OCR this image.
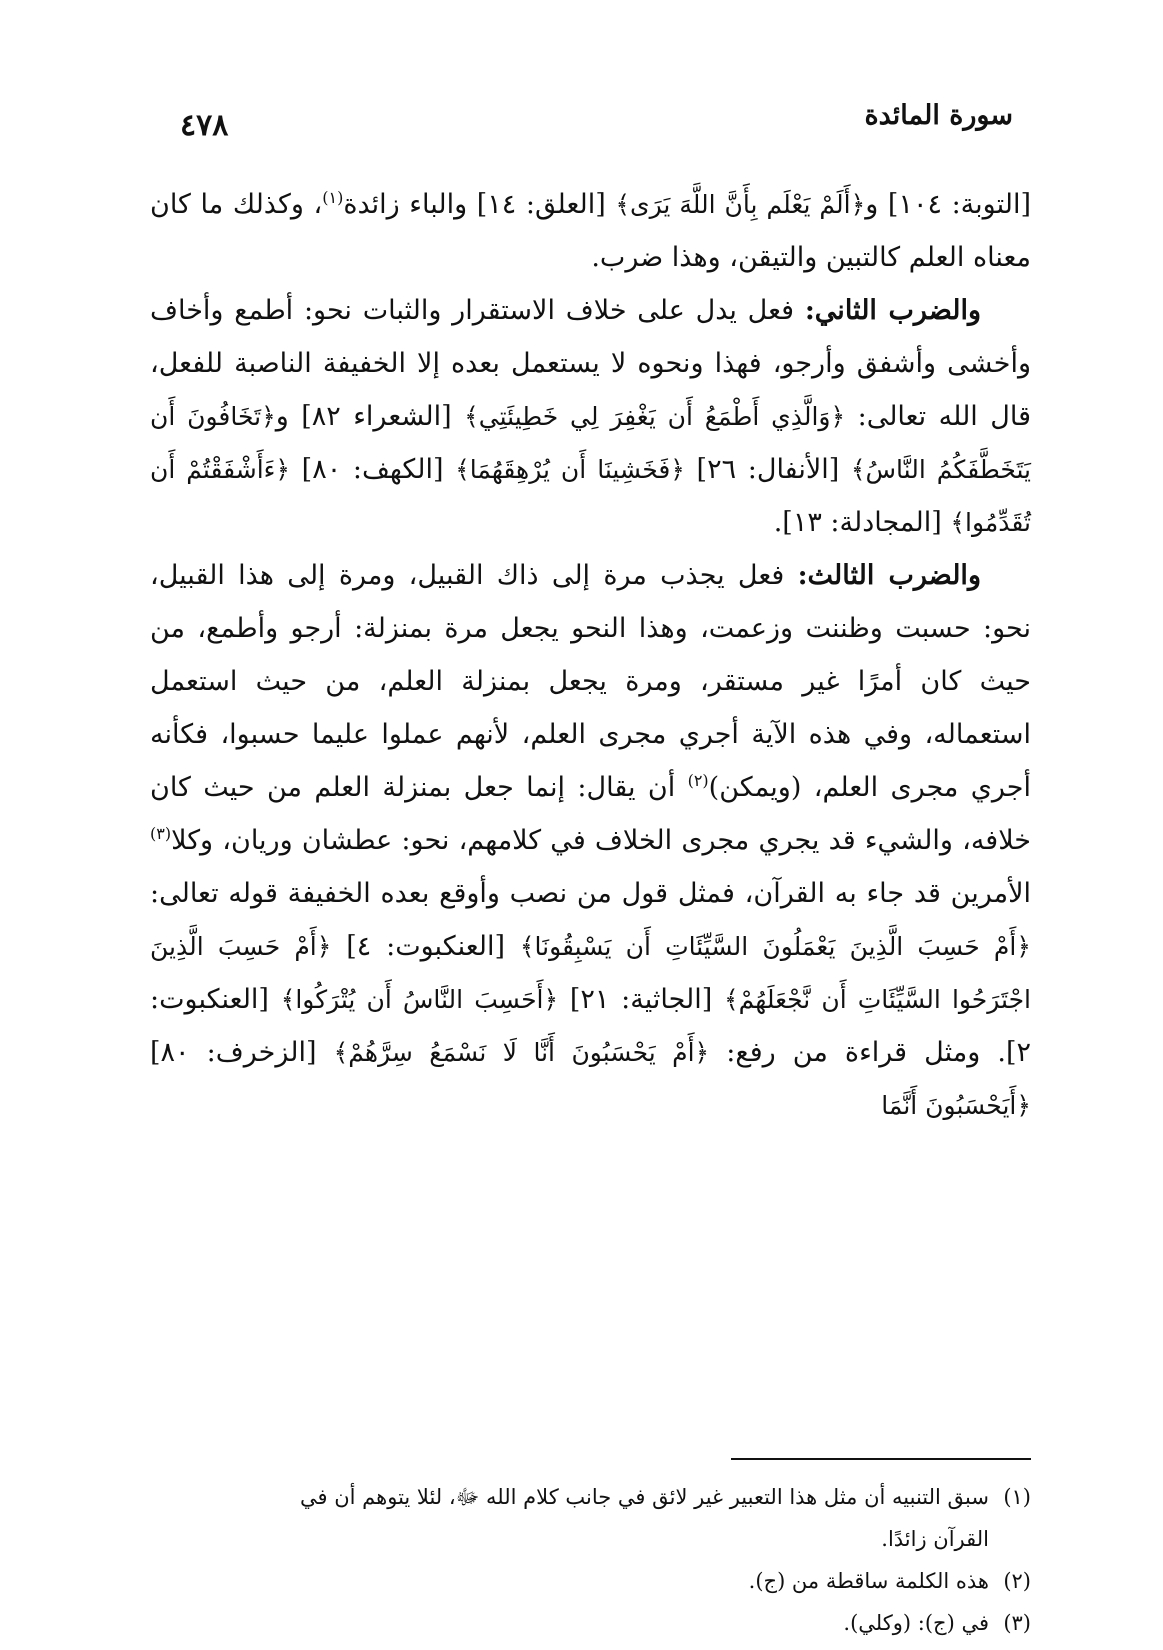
٤٧٨	سورة المائدة

[التوبة: ١٠٤] و﴿أَلَمْ يَعْلَم بِأَنَّ اللَّهَ يَرَى﴾ [العلق: ١٤] والباء زائدة$^{(١)}$، وكذلك ما كان معناه العلم كالتبين والتيقن، وهذا ضرب.

والضرب الثاني: فعل يدل على خلاف الاستقرار والثبات نحو: أطمع وأخاف وأخشى وأشفق وأرجو، فهذا ونحوه لا يستعمل بعده إلا الخفيفة الناصبة للفعل، قال الله تعالى: ﴿وَالَّذِي أَطْمَعُ أَن يَغْفِرَ لِي خَطِيئَتِي﴾ [الشعراء ٨٢] و﴿تَخَافُونَ أَن يَتَخَطَّفَكُمُ النَّاسُ﴾ [الأنفال: ٢٦] ﴿فَخَشِينَا أَن يُرْهِقَهُمَا﴾ [الكهف: ٨٠] ﴿ءَأَشْفَقْتُمْ أَن تُقَدِّمُوا﴾ [المجادلة: ١٣].

والضرب الثالث: فعل يجذب مرة إلى ذاك القبيل، ومرة إلى هذا القبيل، نحو: حسبت وظننت وزعمت، وهذا النحو يجعل مرة بمنزلة: أرجو وأطمع، من حيث كان أمرًا غير مستقر، ومرة يجعل بمنزلة العلم، من حيث استعمل استعماله، وفي هذه الآية أجري مجرى العلم، لأنهم عملوا عليما حسبوا، فكأنه أجري مجرى العلم، (ويمكن)$^{(٢)}$ أن يقال: إنما جعل بمنزلة العلم من حيث كان خلافه، والشيء قد يجري مجرى الخلاف في كلامهم، نحو: عطشان وريان، وكلا$^{(٣)}$ الأمرين قد جاء به القرآن، فمثل قول من نصب وأوقع بعده الخفيفة قوله تعالى: ﴿أَمْ حَسِبَ الَّذِينَ يَعْمَلُونَ السَّيِّئَاتِ أَن يَسْبِقُونَا﴾ [العنكبوت: ٤] ﴿أَمْ حَسِبَ الَّذِينَ اجْتَرَحُوا السَّيِّئَاتِ أَن نَّجْعَلَهُمْ﴾ [الجاثية: ٢١] ﴿أَحَسِبَ النَّاسُ أَن يُتْرَكُوا﴾ [العنكبوت: ٢]. ومثل قراءة من رفع: ﴿أَمْ يَحْسَبُونَ أَنَّا لَا نَسْمَعُ سِرَّهُمْ﴾ [الزخرف: ٨٠] ﴿أَيَحْسَبُونَ أَنَّمَا

(١)سبق التنبيه أن مثل هذا التعبير غير لائق في جانب كلام الله ﷻ، لئلا يتوهم أن في

القرآن زائدًا.

(٢)هذه الكلمة ساقطة من (ج).

(٣)في (ج): (وكلي).
